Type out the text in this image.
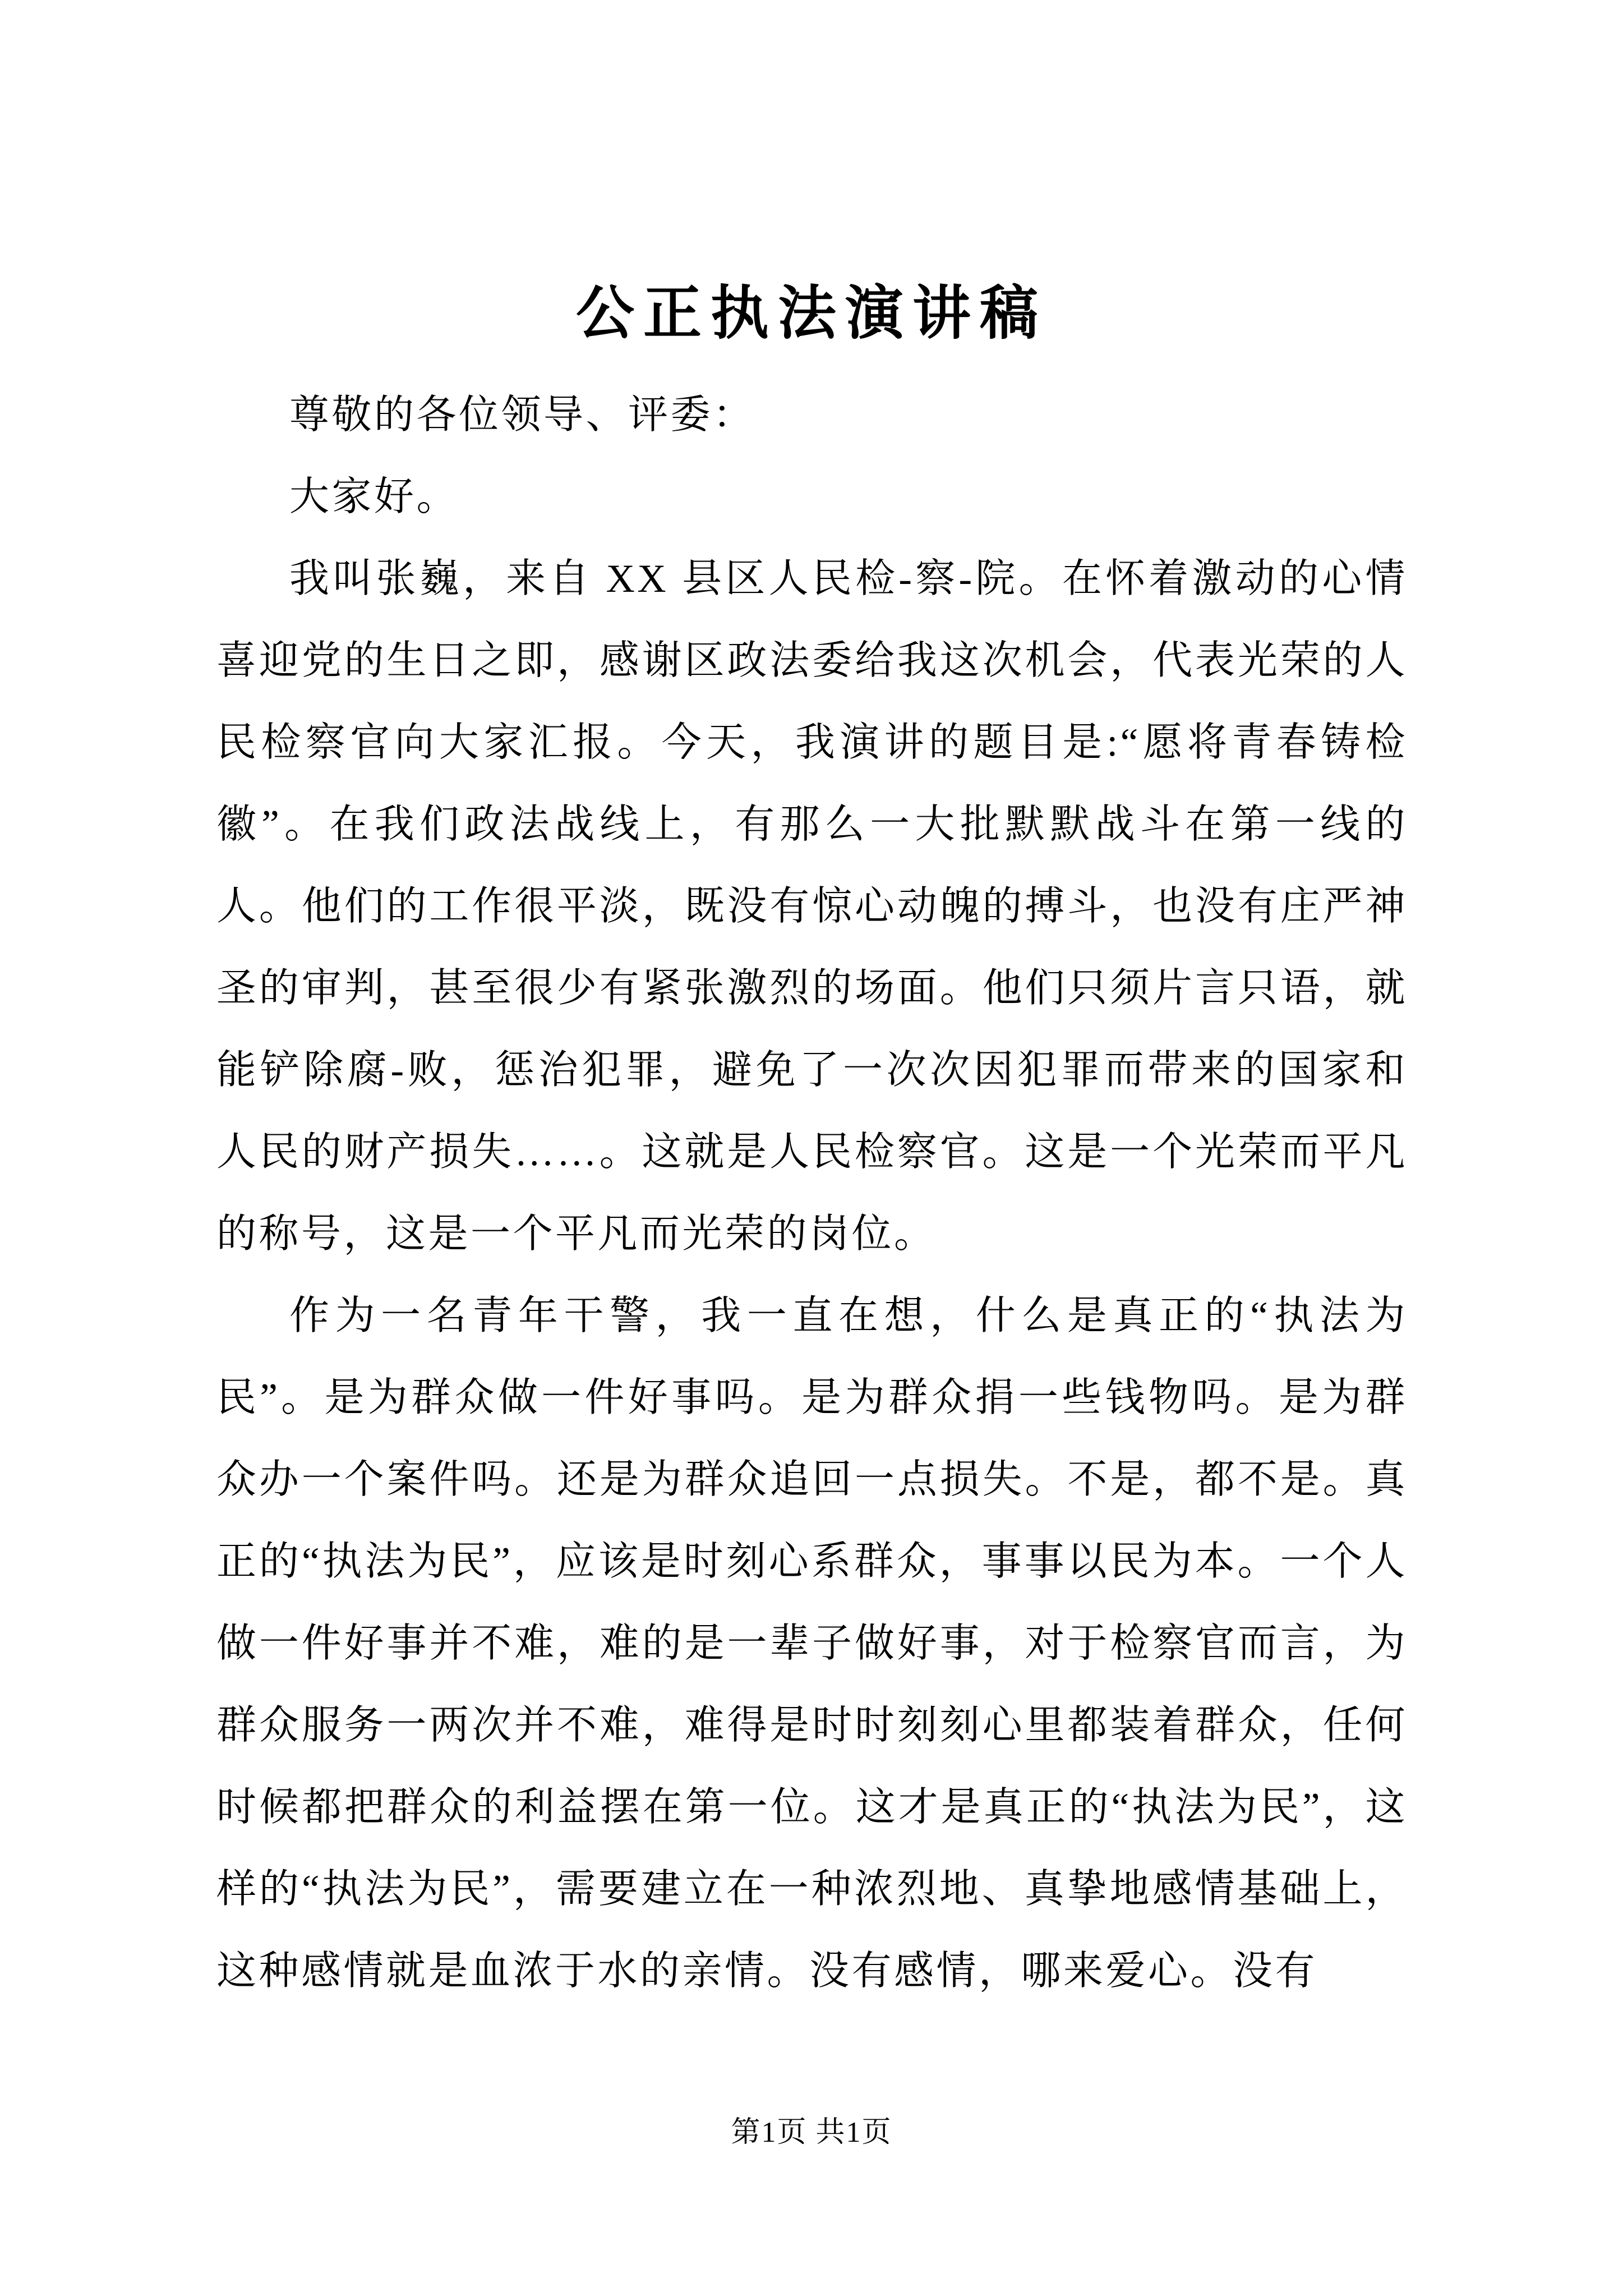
公正执法演讲稿

尊敬的各位领导、评委：

大家好。

我叫张巍，来自 XX 县区人民检-察-院。在怀着激动的心情喜迎党的生日之即，感谢区政法委给我这次机会，代表光荣的人民检察官向大家汇报。今天，我演讲的题目是:“愿将青春铸检徽”。在我们政法战线上，有那么一大批默默战斗在第一线的人。他们的工作很平淡，既没有惊心动魄的搏斗，也没有庄严神圣的审判，甚至很少有紧张激烈的场面。他们只须片言只语，就能铲除腐-败，惩治犯罪，避免了一次次因犯罪而带来的国家和人民的财产损失……。这就是人民检察官。这是一个光荣而平凡的称号，这是一个平凡而光荣的岗位。

作为一名青年干警，我一直在想，什么是真正的“执法为民”。是为群众做一件好事吗。是为群众捐一些钱物吗。是为群众办一个案件吗。还是为群众追回一点损失。不是，都不是。真正的“执法为民”，应该是时刻心系群众，事事以民为本。一个人做一件好事并不难，难的是一辈子做好事，对于检察官而言，为群众服务一两次并不难，难得是时时刻刻心里都装着群众，任何时候都把群众的利益摆在第一位。这才是真正的“执法为民”，这样的“执法为民”，需要建立在一种浓烈地、真挚地感情基础上，这种感情就是血浓于水的亲情。没有感情，哪来爱心。没有

第1页 共1页
